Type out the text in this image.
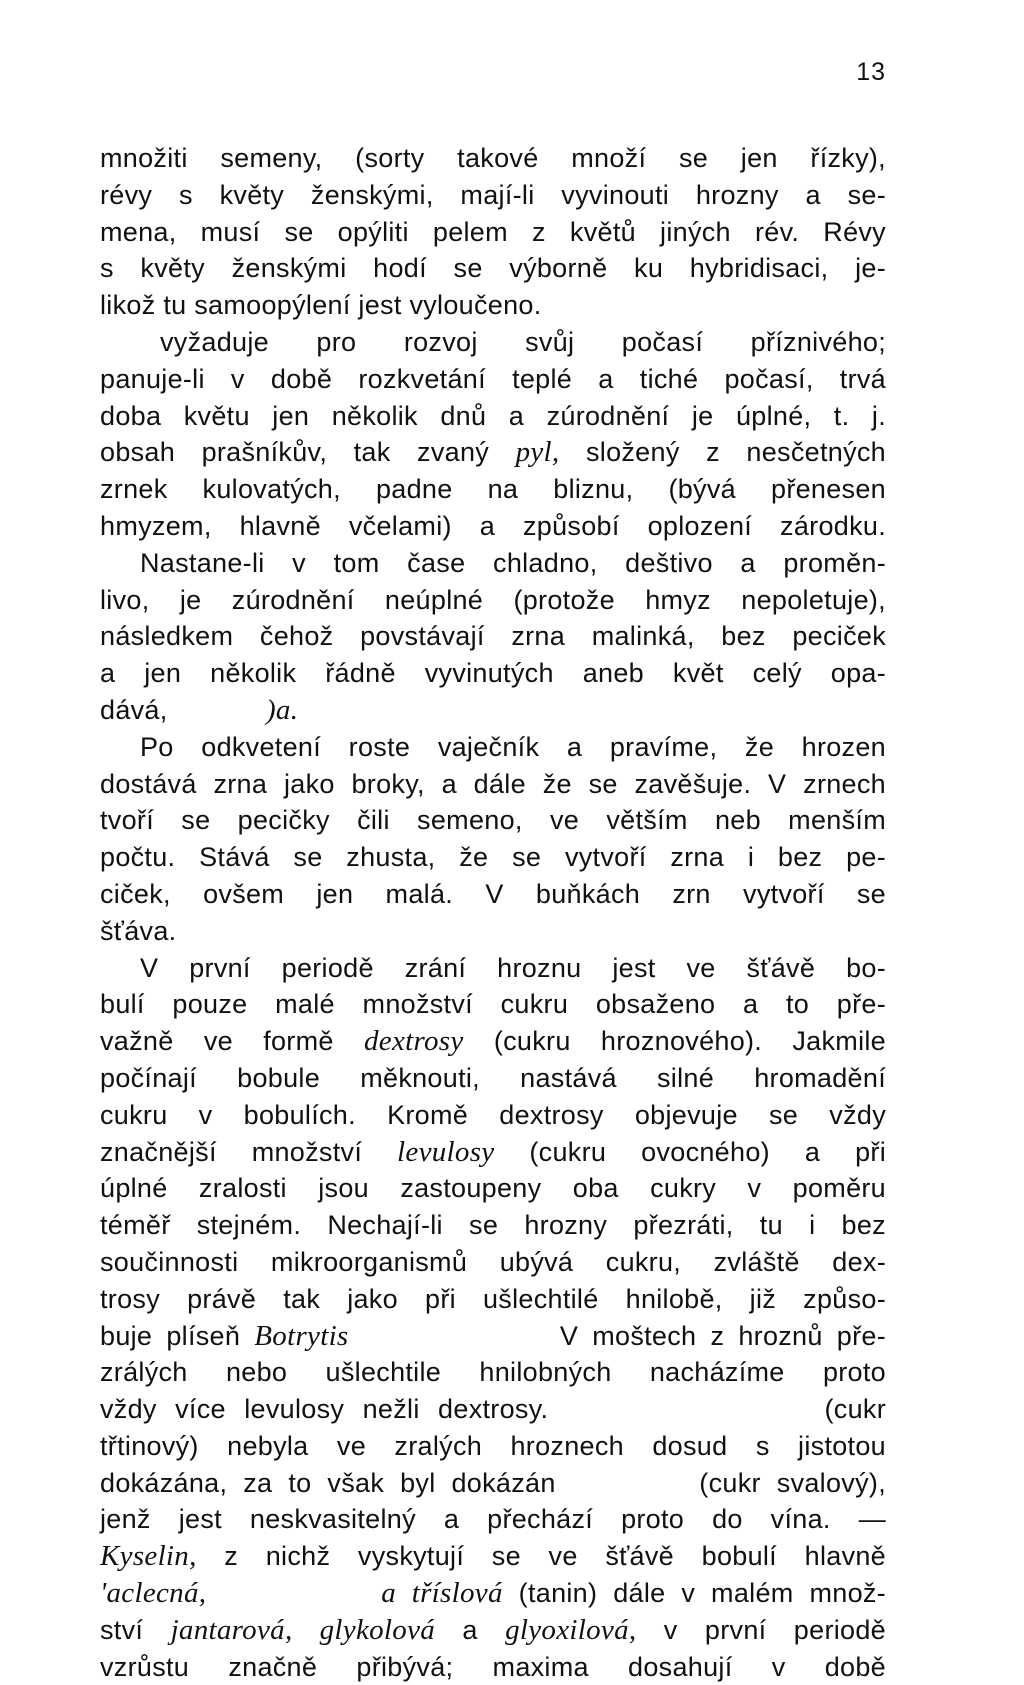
13
množiti semeny, (sorty takové množí se jen řízky),
révy s květy ženskými, mají-li vyvinouti hrozny a se-
mena, musí se opýliti pelem z květů jiných rév. Révy
s květy ženskými hodí se výborně ku hybridisaci, je-
likož tu samoopýlení jest vyloučeno.
vyžaduje pro rozvoj svůj počasí příznivého;
panuje-li v době rozkvetání teplé a tiché počasí, trvá
doba květu jen několik dnů a zúrodnění je úplné, t. j.
obsah prašníkův, tak zvaný pyl, složený z nesčetných
zrnek kulovatých, padne na bliznu, (bývá přenesen
hmyzem, hlavně včelami) a způsobí oplození zárodku.
Nastane-li v tom čase chladno, deštivo a proměn-
livo, je zúrodnění neúplné (protože hmyz nepoletuje),
následkem čehož povstávají zrna malinká, bez peciček
a jen několik řádně vyvinutých aneb květ celý opa-
dává,             )a.
Po odkvetení roste vaječník a pravíme, že hrozen
dostává zrna jako broky, a dále že se zavěšuje. V zrnech
tvoří se pecičky čili semeno, ve větším neb menším
počtu. Stává se zhusta, že se vytvoří zrna i bez pe-
ciček, ovšem jen malá. V buňkách zrn vytvoří se
šťáva.
V první periodě zrání hroznu jest ve šťávě bo-
bulí pouze malé množství cukru obsaženo a to pře-
važně ve formě dextrosy (cukru hroznového). Jakmile
počínají bobule měknouti, nastává silné hromadění
cukru v bobulích. Kromě dextrosy objevuje se vždy
značnější množství levulosy (cukru ovocného) a při
úplné zralosti jsou zastoupeny oba cukry v poměru
téměř stejném. Nechají-li se hrozny přezráti, tu i bez
součinnosti mikroorganismů ubývá cukru, zvláště dex-
trosy právě tak jako při ušlechtilé hnilobě, již způso-
buje plíseň Botrytis               V moštech z hroznů pře-
zrálých nebo ušlechtile hnilobných nacházíme proto
vždy více levulosy nežli dextrosy.               (cukr
třtinový) nebyla ve zralých hroznech dosud s jistotou
dokázána, za to však byl dokázán         (cukr svalový),
jenž jest neskvasitelný a přechází proto do vína. —
Kyselin, z nichž vyskytují se ve šťávě bobulí hlavně
'aclecná,	a tříslová (tanin) dále v malém množ-
ství jantarová, glykolová a glyoxilová, v první periodě
vzrůstu značně přibývá; maxima dosahují v době
